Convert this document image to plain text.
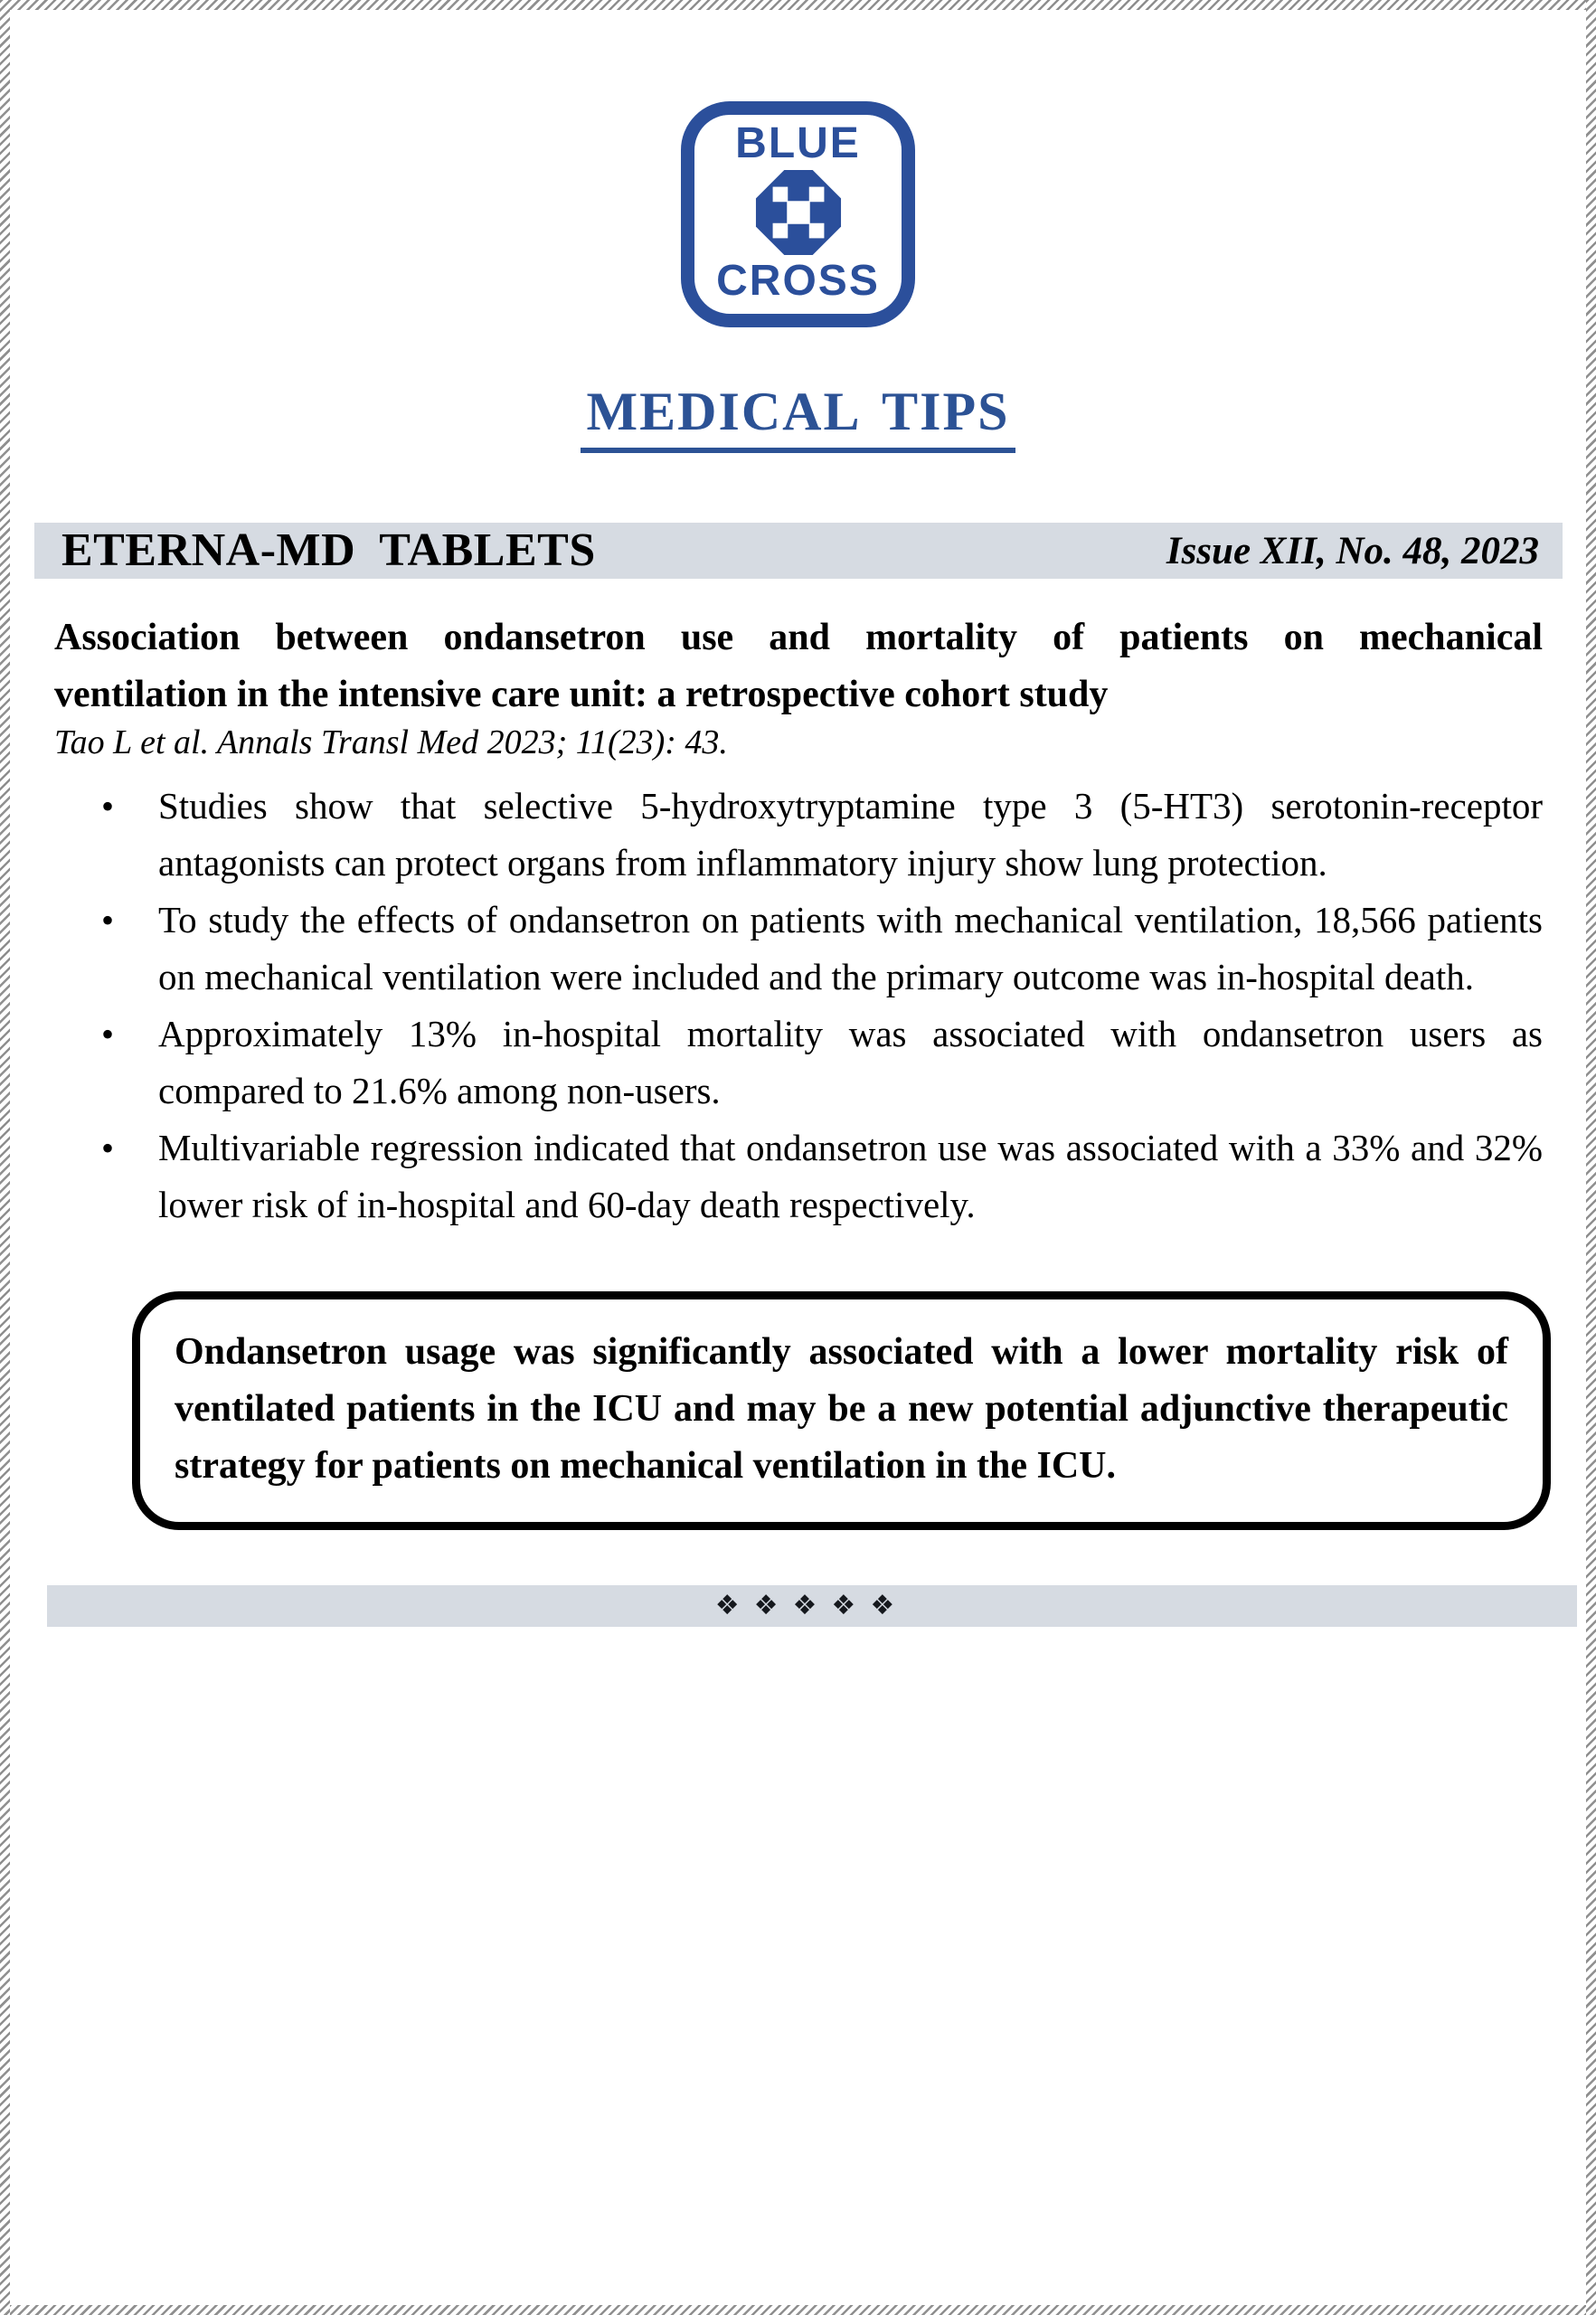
BLUE
CROSS
MEDICAL TIPS
ETERNA-MD  TABLETS	Issue XII, No. 48, 2023
Association between ondansetron use and mortality of patients on mechanical
ventilation in the intensive care unit: a retrospective cohort study
Tao L et al. Annals Transl Med 2023; 11(23): 43.
• Studies show that selective 5-hydroxytryptamine type 3 (5-HT3) serotonin-receptor antagonists can protect organs from inflammatory injury show lung protection.
• To study the effects of ondansetron on patients with mechanical ventilation, 18,566 patients on mechanical ventilation were included and the primary outcome was in-hospital death.
• Approximately 13% in-hospital mortality was associated with ondansetron users as compared to 21.6% among non-users.
• Multivariable regression indicated that ondansetron use was associated with a 33% and 32% lower risk of in-hospital and 60-day death respectively.

Ondansetron usage was significantly associated with a lower mortality risk of ventilated patients in the ICU and may be a new potential adjunctive therapeutic strategy for patients on mechanical ventilation in the ICU.

❖❖❖❖❖
